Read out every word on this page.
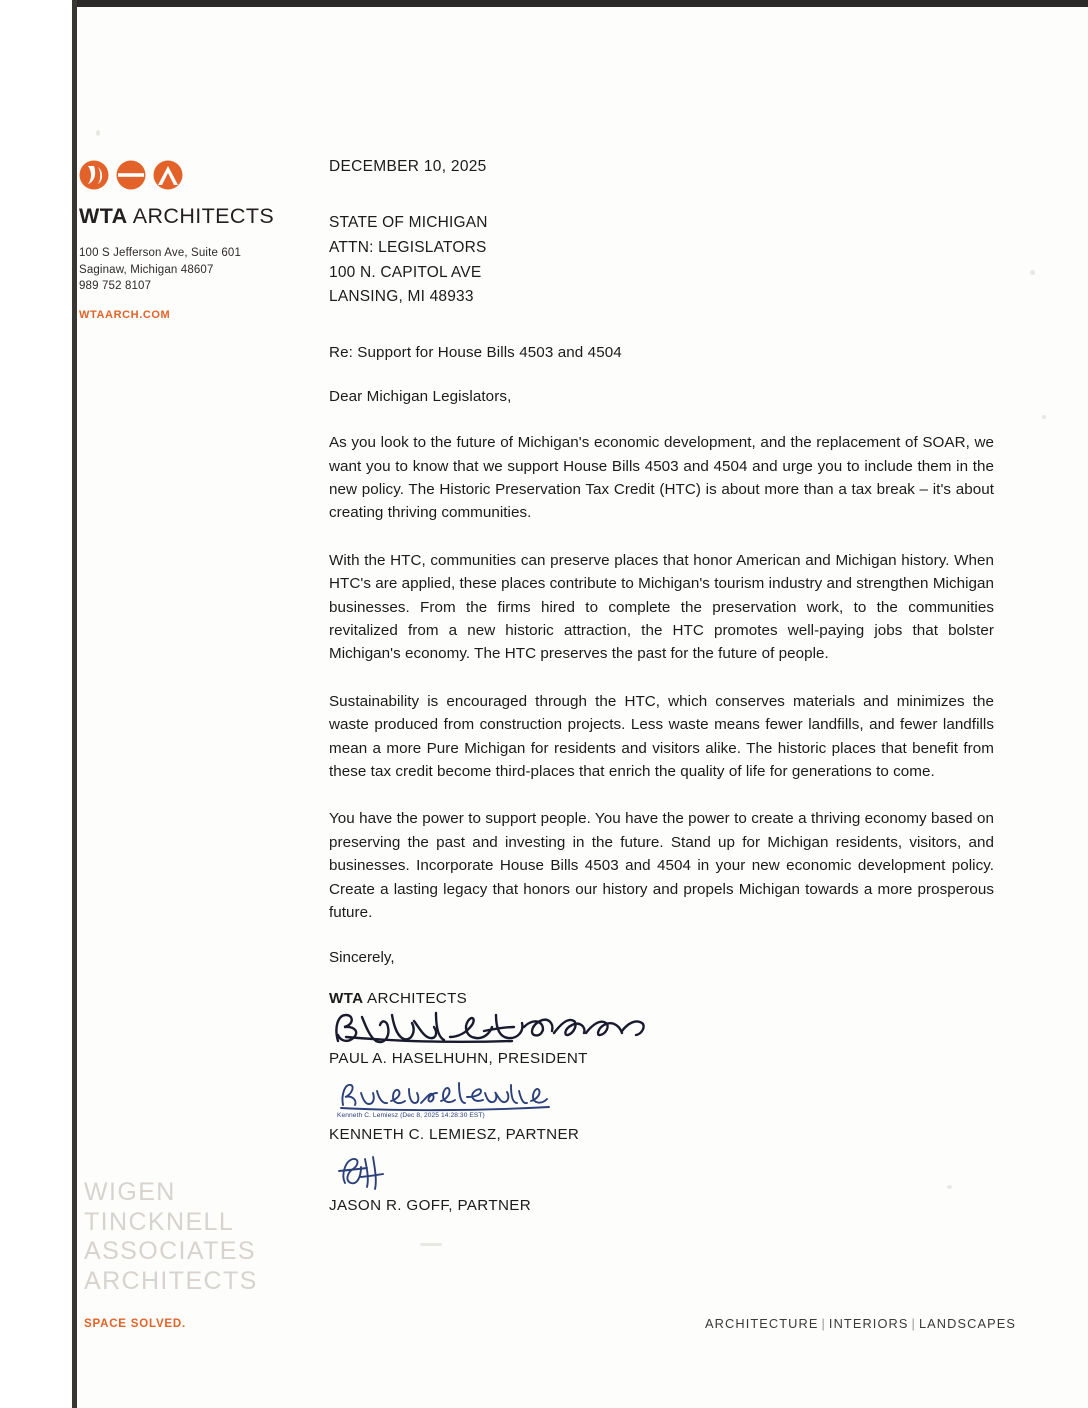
WTA ARCHITECTS
100 S Jefferson Ave, Suite 601
Saginaw, Michigan 48607
989 752 8107
WTAARCH.COM
WIGEN
TINCKNELL
ASSOCIATES
ARCHITECTS
SPACE SOLVED.
DECEMBER 10, 2025
STATE OF MICHIGAN
ATTN: LEGISLATORS
100 N. CAPITOL AVE
LANSING, MI 48933
Re: Support for House Bills 4503 and 4504
Dear Michigan Legislators,

As you look to the future of Michigan's economic development, and the replacement of SOAR, we want you to know that we support House Bills 4503 and 4504 and urge you to include them in the new policy. The Historic Preservation Tax Credit (HTC) is about more than a tax break – it's about creating thriving communities.

With the HTC, communities can preserve places that honor American and Michigan history. When HTC's are applied, these places contribute to Michigan's tourism industry and strengthen Michigan businesses. From the firms hired to complete the preservation work, to the communities revitalized from a new historic attraction, the HTC promotes well-paying jobs that bolster Michigan's economy. The HTC preserves the past for the future of people.

Sustainability is encouraged through the HTC, which conserves materials and minimizes the waste produced from construction projects. Less waste means fewer landfills, and fewer landfills mean a more Pure Michigan for residents and visitors alike. The historic places that benefit from these tax credit become third-places that enrich the quality of life for generations to come.

You have the power to support people. You have the power to create a thriving economy based on preserving the past and investing in the future. Stand up for Michigan residents, visitors, and businesses. Incorporate House Bills 4503 and 4504 in your new economic development policy. Create a lasting legacy that honors our history and propels Michigan towards a more prosperous future.

Sincerely,
WTA ARCHITECTS
PAUL A. HASELHUHN, PRESIDENT
Kenneth C. Lemiesz (Dec 8, 2025 14:28:30 EST)
KENNETH C. LEMIESZ, PARTNER
JASON R. GOFF, PARTNER
ARCHITECTURE | INTERIORS | LANDSCAPES
